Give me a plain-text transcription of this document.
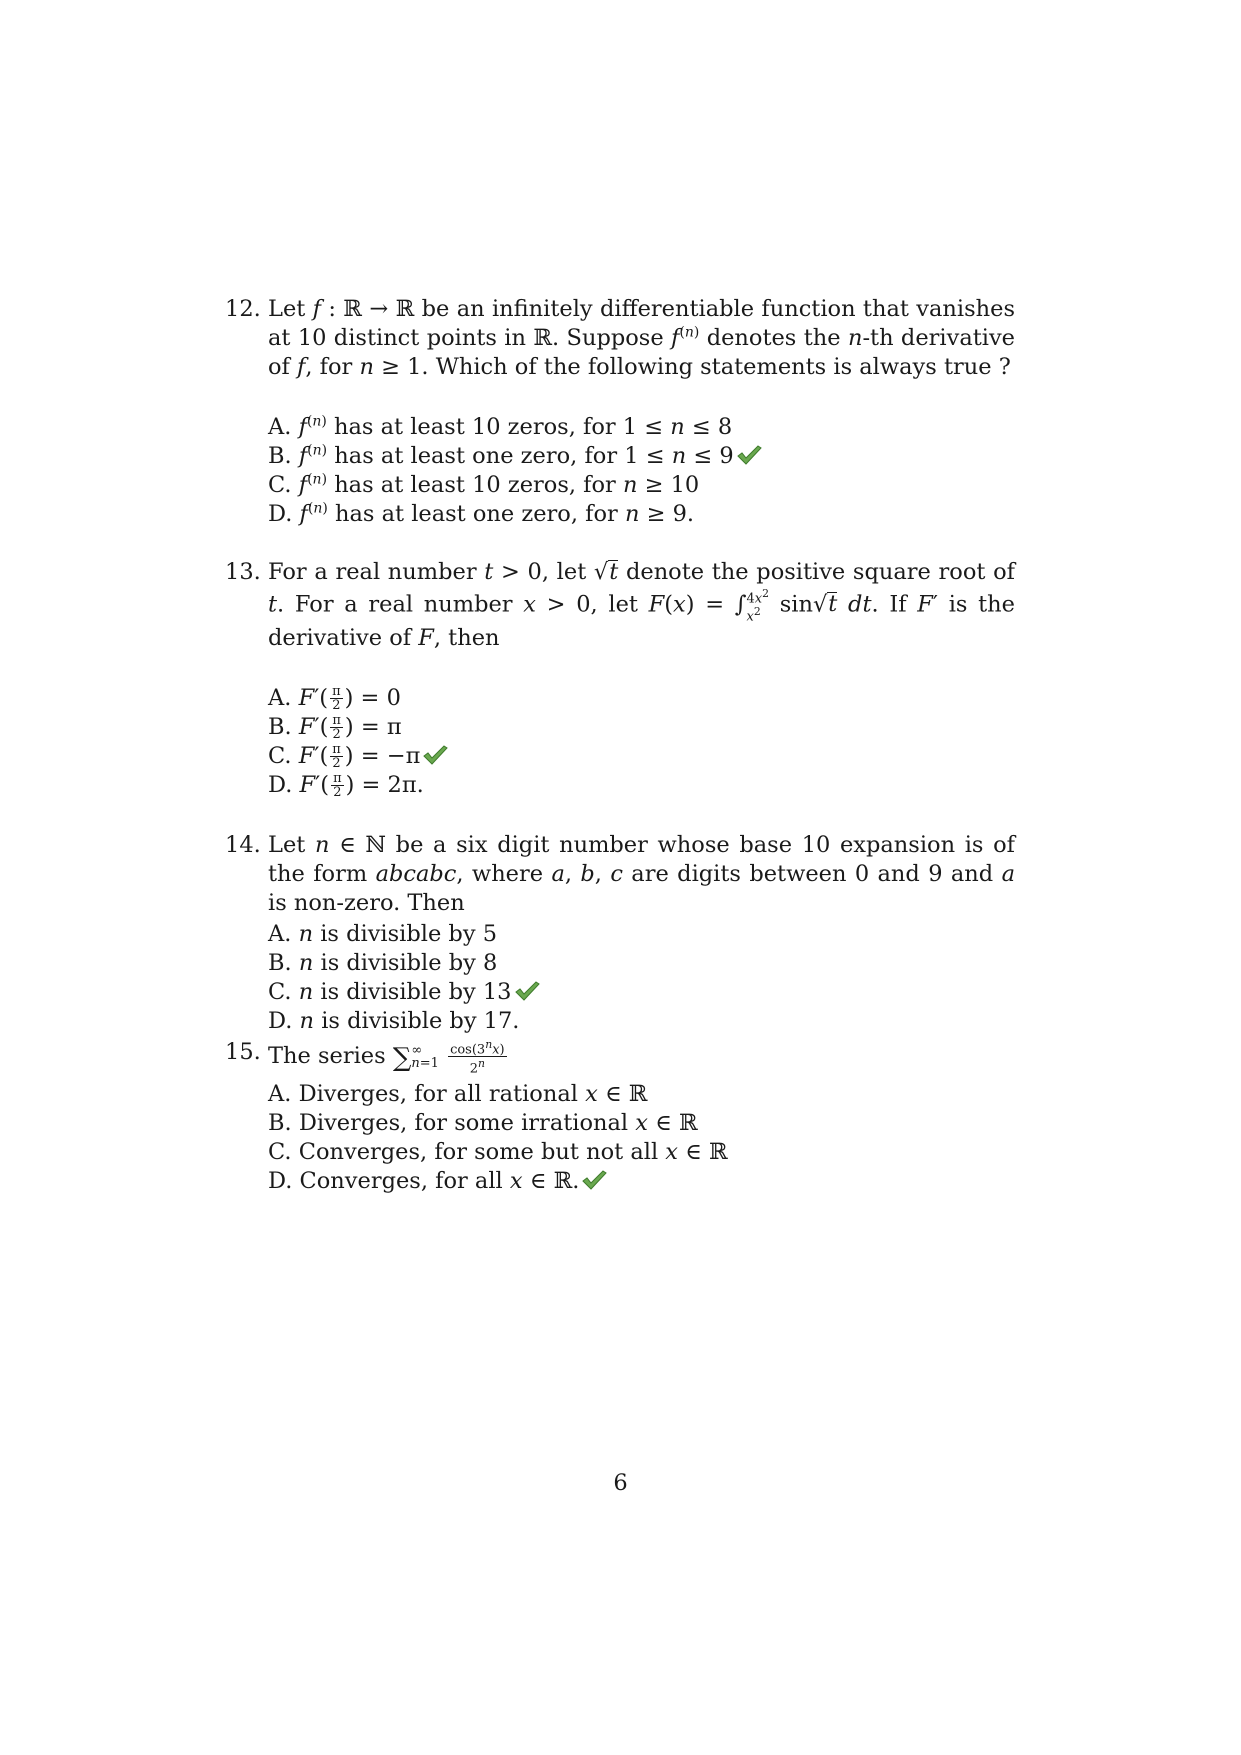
12. Let f : ℝ → ℝ be an infinitely differentiable function that vanishes at 10 distinct points in ℝ. Suppose $f^{(n)}$ denotes the n-th derivative of f, for n ≥ 1. Which of the following statements is always true ?
A. $f^{(n)}$ has at least 10 zeros, for 1 ≤ n ≤ 8
B. $f^{(n)}$ has at least one zero, for 1 ≤ n ≤ 9
C. $f^{(n)}$ has at least 10 zeros, for n ≥ 10
D. $f^{(n)}$ has at least one zero, for n ≥ 9.
13. For a real number t > 0, let √t denote the positive square root of t. For a real number x > 0, let F(x) = ∫ $4x^2$
$x^2$ sin√t dt. If F′ is the derivative of F, then
A. $F'( \frac{\pi}{2}$ ) = 0
B. $F'( \frac{\pi}{2}$ ) = π
C. $F'( \frac{\pi}{2}$ ) = −π
D. $F'( \frac{\pi}{2}$ ) = 2π.
14. Let n ∈ ℕ be a six digit number whose base 10 expansion is of the form abcabc, where a, b, c are digits between 0 and 9 and a is non-zero. Then
A. n is divisible by 5
B. n is divisible by 8
C. n is divisible by 13
D. n is divisible by 17.
15. The series ∑ ∞
n=1
$\frac{\cos(3^nx)}{2^n}$
A. Diverges, for all rational x ∈ ℝ
B. Diverges, for some irrational x ∈ ℝ
C. Converges, for some but not all x ∈ ℝ
D. Converges, for all x ∈ ℝ.
6
